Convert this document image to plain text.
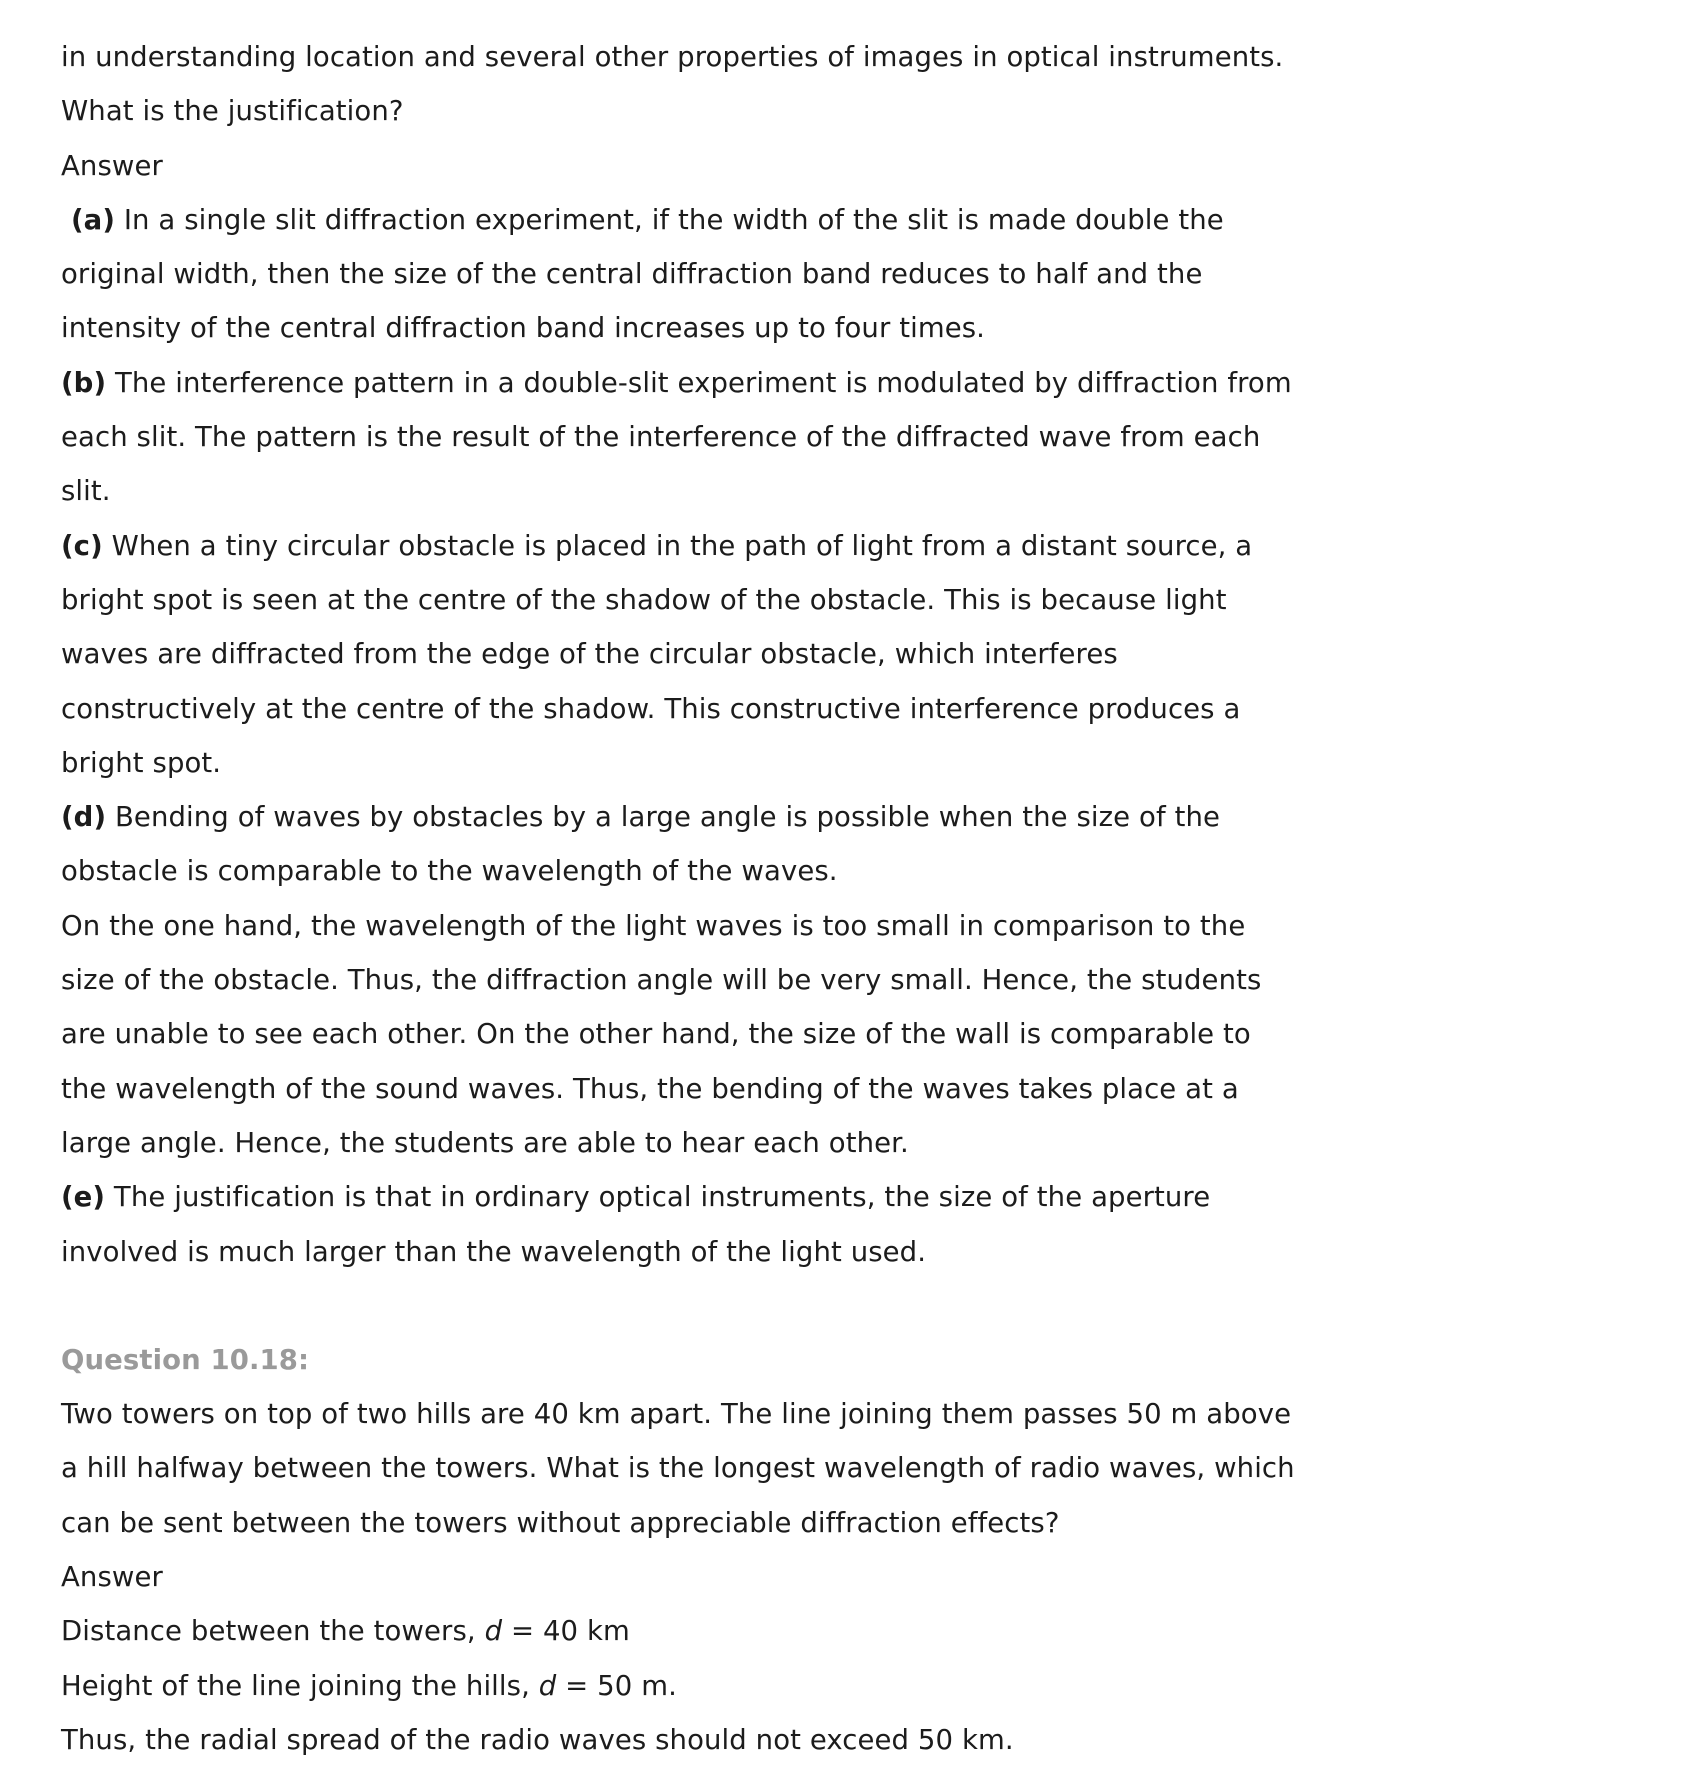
in understanding location and several other properties of images in optical instruments.
What is the justification?
Answer
(a) In a single slit diffraction experiment, if the width of the slit is made double the
original width, then the size of the central diffraction band reduces to half and the
intensity of the central diffraction band increases up to four times.
(b) The interference pattern in a double-slit experiment is modulated by diffraction from
each slit. The pattern is the result of the interference of the diffracted wave from each
slit.
(c) When a tiny circular obstacle is placed in the path of light from a distant source, a
bright spot is seen at the centre of the shadow of the obstacle. This is because light
waves are diffracted from the edge of the circular obstacle, which interferes
constructively at the centre of the shadow. This constructive interference produces a
bright spot.
(d) Bending of waves by obstacles by a large angle is possible when the size of the
obstacle is comparable to the wavelength of the waves.
On the one hand, the wavelength of the light waves is too small in comparison to the
size of the obstacle. Thus, the diffraction angle will be very small. Hence, the students
are unable to see each other. On the other hand, the size of the wall is comparable to
the wavelength of the sound waves. Thus, the bending of the waves takes place at a
large angle. Hence, the students are able to hear each other.
(e) The justification is that in ordinary optical instruments, the size of the aperture
involved is much larger than the wavelength of the light used.
Question 10.18:
Two towers on top of two hills are 40 km apart. The line joining them passes 50 m above
a hill halfway between the towers. What is the longest wavelength of radio waves, which
can be sent between the towers without appreciable diffraction effects?
Answer
Distance between the towers, d = 40 km
Height of the line joining the hills, d = 50 m.
Thus, the radial spread of the radio waves should not exceed 50 km.
